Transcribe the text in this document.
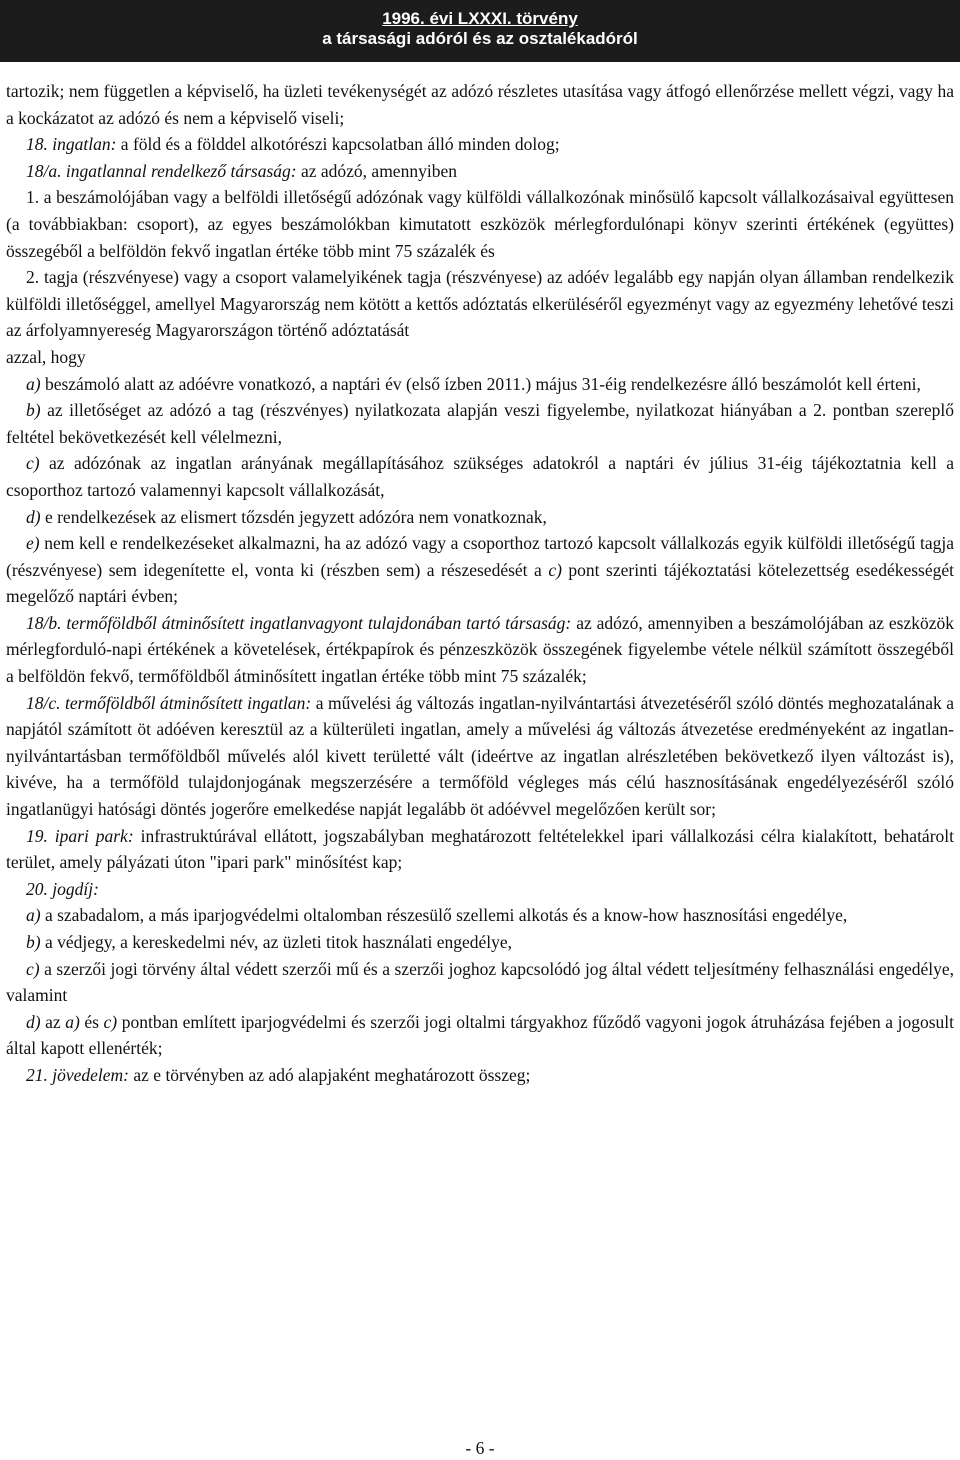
1996. évi LXXXI. törvény
a társasági adóról és az osztalékadóról

tartozik; nem független a képviselő, ha üzleti tevékenységét az adózó részletes utasítása vagy átfogó ellenőrzése mellett végzi, vagy ha a kockázatot az adózó és nem a képviselő viseli;

18. ingatlan: a föld és a földdel alkotórészi kapcsolatban álló minden dolog;

18/a. ingatlannal rendelkező társaság: az adózó, amennyiben

1. a beszámolójában vagy a belföldi illetőségű adózónak vagy külföldi vállalkozónak minősülő kapcsolt vállalkozásaival együttesen (a továbbiakban: csoport), az egyes beszámolókban kimutatott eszközök mérlegfordulónapi könyv szerinti értékének (együttes) összegéből a belföldön fekvő ingatlan értéke több mint 75 százalék és

2. tagja (részvényese) vagy a csoport valamelyikének tagja (részvényese) az adóév legalább egy napján olyan államban rendelkezik külföldi illetőséggel, amellyel Magyarország nem kötött a kettős adóztatás elkerüléséről egyezményt vagy az egyezmény lehetővé teszi az árfolyamnyereség Magyarországon történő adóztatását

azzal, hogy

a) beszámoló alatt az adóévre vonatkozó, a naptári év (első ízben 2011.) május 31-éig rendelkezésre álló beszámolót kell érteni,

b) az illetőséget az adózó a tag (részvényes) nyilatkozata alapján veszi figyelembe, nyilatkozat hiányában a 2. pontban szereplő feltétel bekövetkezését kell vélelmezni,

c) az adózónak az ingatlan arányának megállapításához szükséges adatokról a naptári év július 31-éig tájékoztatnia kell a csoporthoz tartozó valamennyi kapcsolt vállalkozását,

d) e rendelkezések az elismert tőzsdén jegyzett adózóra nem vonatkoznak,

e) nem kell e rendelkezéseket alkalmazni, ha az adózó vagy a csoporthoz tartozó kapcsolt vállalkozás egyik külföldi illetőségű tagja (részvényese) sem idegenítette el, vonta ki (részben sem) a részesedését a c) pont szerinti tájékoztatási kötelezettség esedékességét megelőző naptári évben;

18/b. termőföldből átminősített ingatlanvagyont tulajdonában tartó társaság: az adózó, amennyiben a beszámolójában az eszközök mérlegforduló-napi értékének a követelések, értékpapírok és pénzeszközök összegének figyelembe vétele nélkül számított összegéből a belföldön fekvő, termőföldből átminősített ingatlan értéke több mint 75 százalék;

18/c. termőföldből átminősített ingatlan: a művelési ág változás ingatlan-nyilvántartási átvezetéséről szóló döntés meghozatalának a napjától számított öt adóéven keresztül az a külterületi ingatlan, amely a művelési ág változás átvezetése eredményeként az ingatlan-nyilvántartásban termőföldből művelés alól kivett területté vált (ideértve az ingatlan alrészletében bekövetkező ilyen változást is), kivéve, ha a termőföld tulajdonjogának megszerzésére a termőföld végleges más célú hasznosításának engedélyezéséről szóló ingatlanügyi hatósági döntés jogerőre emelkedése napját legalább öt adóévvel megelőzően került sor;

19. ipari park: infrastruktúrával ellátott, jogszabályban meghatározott feltételekkel ipari vállalkozási célra kialakított, behatárolt terület, amely pályázati úton "ipari park" minősítést kap;

20. jogdíj:

a) a szabadalom, a más iparjogvédelmi oltalomban részesülő szellemi alkotás és a know-how hasznosítási engedélye,

b) a védjegy, a kereskedelmi név, az üzleti titok használati engedélye,

c) a szerzői jogi törvény által védett szerzői mű és a szerzői joghoz kapcsolódó jog által védett teljesítmény felhasználási engedélye, valamint

d) az a) és c) pontban említett iparjogvédelmi és szerzői jogi oltalmi tárgyakhoz fűződő vagyoni jogok átruházása fejében a jogosult által kapott ellenérték;

21. jövedelem: az e törvényben az adó alapjaként meghatározott összeg;

- 6 -
